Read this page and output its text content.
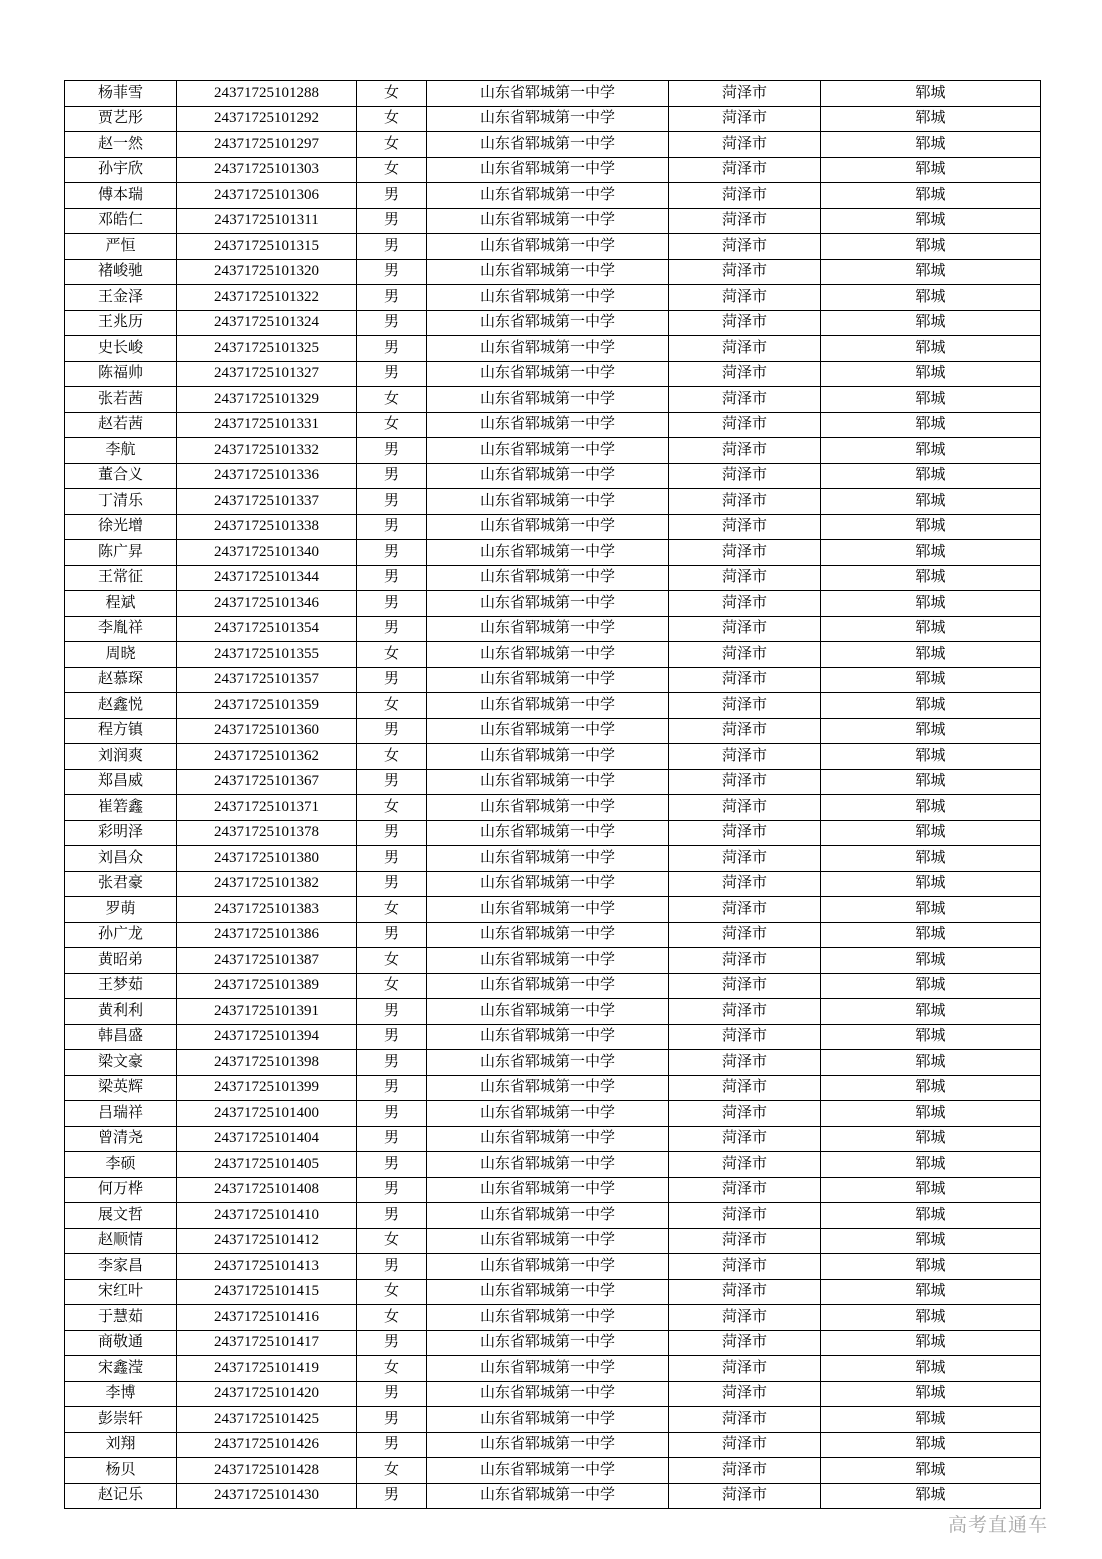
杨菲雪	24371725101288	女	山东省郓城第一中学	菏泽市	郓城
贾艺彤	24371725101292	女	山东省郓城第一中学	菏泽市	郓城
赵一然	24371725101297	女	山东省郓城第一中学	菏泽市	郓城
孙宇欣	24371725101303	女	山东省郓城第一中学	菏泽市	郓城
傅本瑞	24371725101306	男	山东省郓城第一中学	菏泽市	郓城
邓皓仁	24371725101311	男	山东省郓城第一中学	菏泽市	郓城
严恒	24371725101315	男	山东省郓城第一中学	菏泽市	郓城
褚峻驰	24371725101320	男	山东省郓城第一中学	菏泽市	郓城
王金泽	24371725101322	男	山东省郓城第一中学	菏泽市	郓城
王兆历	24371725101324	男	山东省郓城第一中学	菏泽市	郓城
史长峻	24371725101325	男	山东省郓城第一中学	菏泽市	郓城
陈福帅	24371725101327	男	山东省郓城第一中学	菏泽市	郓城
张若茜	24371725101329	女	山东省郓城第一中学	菏泽市	郓城
赵若茜	24371725101331	女	山东省郓城第一中学	菏泽市	郓城
李航	24371725101332	男	山东省郓城第一中学	菏泽市	郓城
董合义	24371725101336	男	山东省郓城第一中学	菏泽市	郓城
丁清乐	24371725101337	男	山东省郓城第一中学	菏泽市	郓城
徐光增	24371725101338	男	山东省郓城第一中学	菏泽市	郓城
陈广昇	24371725101340	男	山东省郓城第一中学	菏泽市	郓城
王常征	24371725101344	男	山东省郓城第一中学	菏泽市	郓城
程斌	24371725101346	男	山东省郓城第一中学	菏泽市	郓城
李胤祥	24371725101354	男	山东省郓城第一中学	菏泽市	郓城
周晓	24371725101355	女	山东省郓城第一中学	菏泽市	郓城
赵慕琛	24371725101357	男	山东省郓城第一中学	菏泽市	郓城
赵鑫悦	24371725101359	女	山东省郓城第一中学	菏泽市	郓城
程方镇	24371725101360	男	山东省郓城第一中学	菏泽市	郓城
刘润爽	24371725101362	女	山东省郓城第一中学	菏泽市	郓城
郑昌威	24371725101367	男	山东省郓城第一中学	菏泽市	郓城
崔箬鑫	24371725101371	女	山东省郓城第一中学	菏泽市	郓城
彩明泽	24371725101378	男	山东省郓城第一中学	菏泽市	郓城
刘昌众	24371725101380	男	山东省郓城第一中学	菏泽市	郓城
张君豪	24371725101382	男	山东省郓城第一中学	菏泽市	郓城
罗萌	24371725101383	女	山东省郓城第一中学	菏泽市	郓城
孙广龙	24371725101386	男	山东省郓城第一中学	菏泽市	郓城
黄昭弟	24371725101387	女	山东省郓城第一中学	菏泽市	郓城
王梦茹	24371725101389	女	山东省郓城第一中学	菏泽市	郓城
黄利利	24371725101391	男	山东省郓城第一中学	菏泽市	郓城
韩昌盛	24371725101394	男	山东省郓城第一中学	菏泽市	郓城
梁文豪	24371725101398	男	山东省郓城第一中学	菏泽市	郓城
梁英辉	24371725101399	男	山东省郓城第一中学	菏泽市	郓城
吕瑞祥	24371725101400	男	山东省郓城第一中学	菏泽市	郓城
曾清尧	24371725101404	男	山东省郓城第一中学	菏泽市	郓城
李硕	24371725101405	男	山东省郓城第一中学	菏泽市	郓城
何万桦	24371725101408	男	山东省郓城第一中学	菏泽市	郓城
展文哲	24371725101410	男	山东省郓城第一中学	菏泽市	郓城
赵顺情	24371725101412	女	山东省郓城第一中学	菏泽市	郓城
李家昌	24371725101413	男	山东省郓城第一中学	菏泽市	郓城
宋红叶	24371725101415	女	山东省郓城第一中学	菏泽市	郓城
于慧茹	24371725101416	女	山东省郓城第一中学	菏泽市	郓城
商敬通	24371725101417	男	山东省郓城第一中学	菏泽市	郓城
宋鑫滢	24371725101419	女	山东省郓城第一中学	菏泽市	郓城
李博	24371725101420	男	山东省郓城第一中学	菏泽市	郓城
彭崇轩	24371725101425	男	山东省郓城第一中学	菏泽市	郓城
刘翔	24371725101426	男	山东省郓城第一中学	菏泽市	郓城
杨贝	24371725101428	女	山东省郓城第一中学	菏泽市	郓城
赵记乐	24371725101430	男	山东省郓城第一中学	菏泽市	郓城
高考直通车
